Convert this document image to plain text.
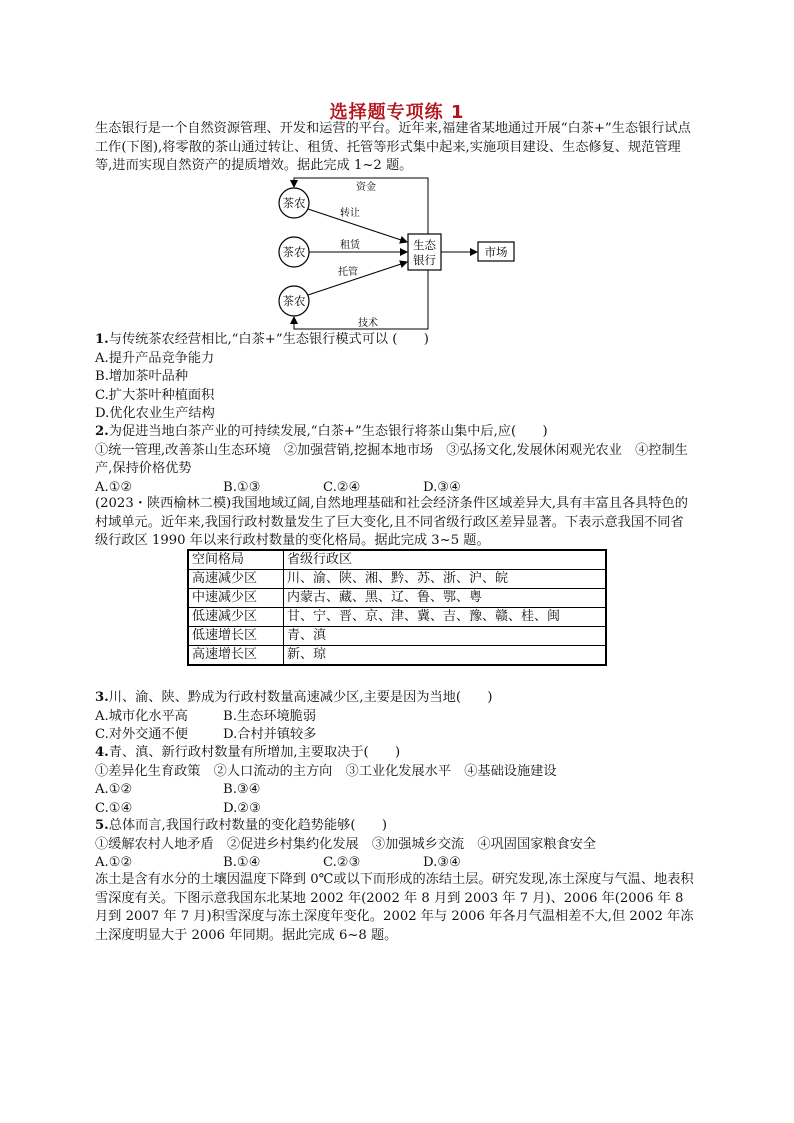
选择题专项练 1

生态银行是一个自然资源管理、开发和运营的平台。近年来,福建省某地通过开展“白茶+”生态银行试点工作(下图),将零散的茶山通过转让、租赁、托管等形式集中起来,实施项目建设、生态修复、规范管理等,进而实现自然资产的提质增效。据此完成 1~2 题。

茶农
茶农
茶农
生态
银行
市场
资金
转让
租赁
托管
技术

1.与传统茶农经营相比,“白茶+”生态银行模式可以 (　　)

A.提升产品竞争能力

B.增加茶叶品种

C.扩大茶叶种植面积

D.优化农业生产结构

2.为促进当地白茶产业的可持续发展,“白茶+”生态银行将茶山集中后,应(　　)

①统一管理,改善茶山生态环境　②加强营销,挖掘本地市场　③弘扬文化,发展休闲观光农业　④控制生产,保持价格优势

A.①②	B.①③	C.②④	D.③④

(2023・陕西榆林二模)我国地域辽阔,自然地理基础和社会经济条件区域差异大,具有丰富且各具特色的村域单元。近年来,我国行政村数量发生了巨大变化,且不同省级行政区差异显著。下表示意我国不同省级行政区 1990 年以来行政村数量的变化格局。据此完成 3~5 题。

空间格局	省级行政区
高速减少区	川、渝、陕、湘、黔、苏、浙、沪、皖
中速减少区	内蒙古、藏、黑、辽、鲁、鄂、粤
低速减少区	甘、宁、晋、京、津、冀、吉、豫、赣、桂、闽
低速增长区	青、滇
高速增长区	新、琼

3.川、渝、陕、黔成为行政村数量高速减少区,主要是因为当地(　　)

A.城市化水平高	B.生态环境脆弱
C.对外交通不便	D.合村并镇较多

4.青、滇、新行政村数量有所增加,主要取决于(　　)

①差异化生育政策　②人口流动的主方向　③工业化发展水平　④基础设施建设

A.①②	B.③④
C.①④	D.②③

5.总体而言,我国行政村数量的变化趋势能够(　　)

①缓解农村人地矛盾　②促进乡村集约化发展　③加强城乡交流　④巩固国家粮食安全

A.①②	B.①④	C.②③	D.③④

冻土是含有水分的土壤因温度下降到 0℃或以下而形成的冻结土层。研究发现,冻土深度与气温、地表积雪深度有关。下图示意我国东北某地 2002 年(2002 年 8 月到 2003 年 7 月)、2006 年(2006 年 8 月到 2007 年 7 月)积雪深度与冻土深度年变化。2002 年与 2006 年各月气温相差不大,但 2002 年冻土深度明显大于 2006 年同期。据此完成 6~8 题。
